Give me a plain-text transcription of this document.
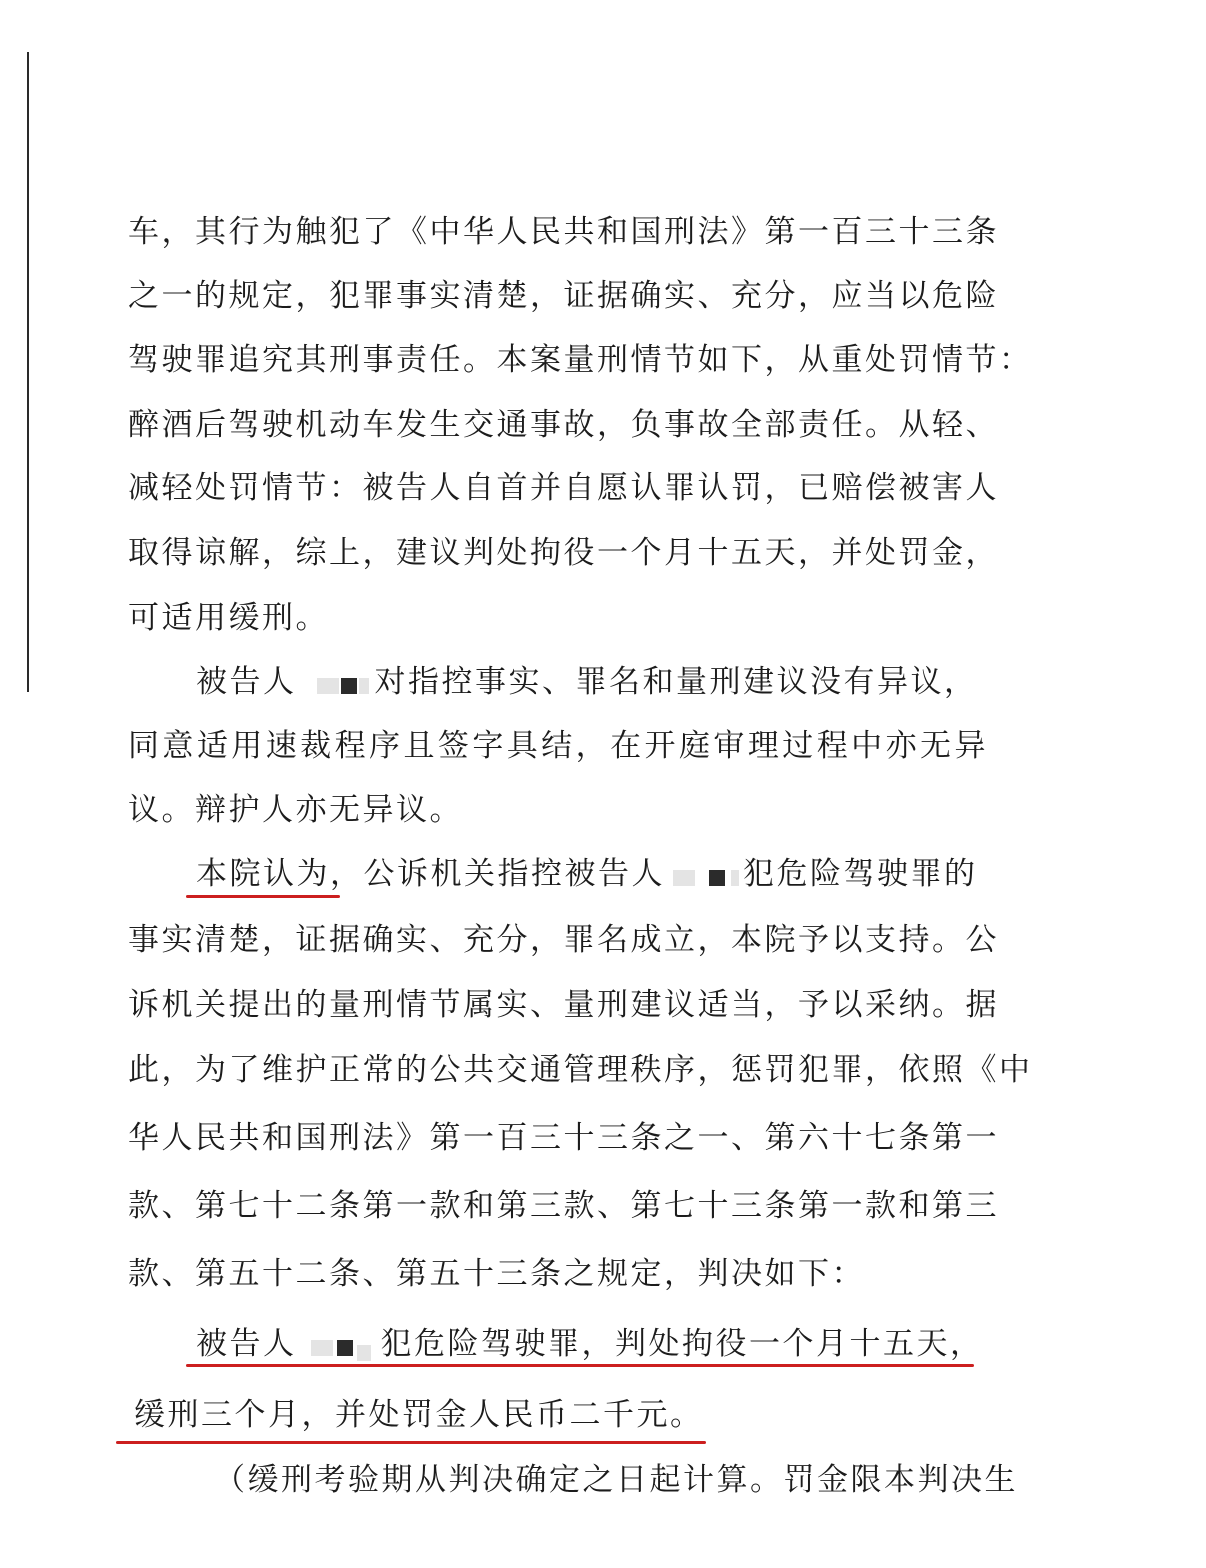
车，其行为触犯了《中华人民共和国刑法》第一百三十三条
之一的规定，犯罪事实清楚，证据确实、充分，应当以危险
驾驶罪追究其刑事责任。本案量刑情节如下，从重处罚情节：
醉酒后驾驶机动车发生交通事故，负事故全部责任。从轻、
减轻处罚情节：被告人自首并自愿认罪认罚，已赔偿被害人
取得谅解，综上，建议判处拘役一个月十五天，并处罚金，
可适用缓刑。
被告人	对指控事实、罪名和量刑建议没有异议，
同意适用速裁程序且签字具结，在开庭审理过程中亦无异
议。辩护人亦无异议。
本院认为，公诉机关指控被告人	犯危险驾驶罪的
事实清楚，证据确实、充分，罪名成立，本院予以支持。公
诉机关提出的量刑情节属实、量刑建议适当，予以采纳。据
此，为了维护正常的公共交通管理秩序，惩罚犯罪，依照《中
华人民共和国刑法》第一百三十三条之一、第六十七条第一
款、第七十二条第一款和第三款、第七十三条第一款和第三
款、第五十二条、第五十三条之规定，判决如下：
被告人	犯危险驾驶罪，判处拘役一个月十五天，
缓刑三个月，并处罚金人民币二千元。
（缓刑考验期从判决确定之日起计算。罚金限本判决生
